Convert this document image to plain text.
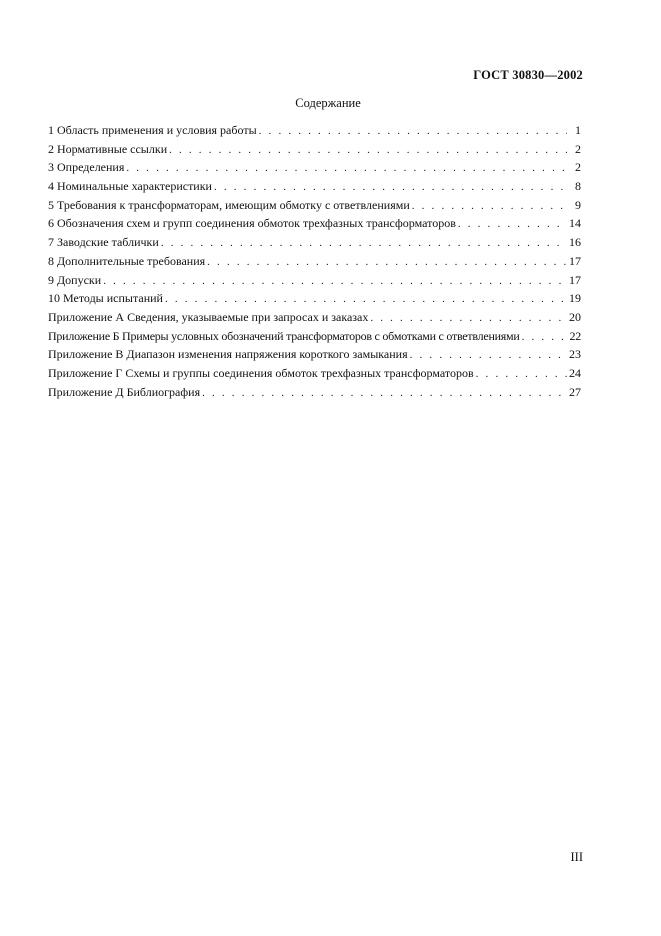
ГОСТ 30830—2002
Содержание
1 Область применения и условия работы . . .	1
2 Нормативные ссылки . . .	2
3 Определения . . .	2
4 Номинальные характеристики . . .	8
5 Требования к трансформаторам, имеющим обмотку с ответвлениями . . .	9
6 Обозначения схем и групп соединения обмоток трехфазных трансформаторов . . .	14
7 Заводские таблички . . .	16
8 Дополнительные требования . . .	17
9 Допуски . . .	17
10 Методы испытаний . . .	19
Приложение А Сведения, указываемые при запросах и заказах . . .	20
Приложение Б Примеры условных обозначений трансформаторов с обмотками с ответвлениями . . .	22
Приложение В Диапазон изменения напряжения короткого замыкания . . .	23
Приложение Г Схемы и группы соединения обмоток трехфазных трансформаторов . . .	24
Приложение Д Библиография . . .	27
III
